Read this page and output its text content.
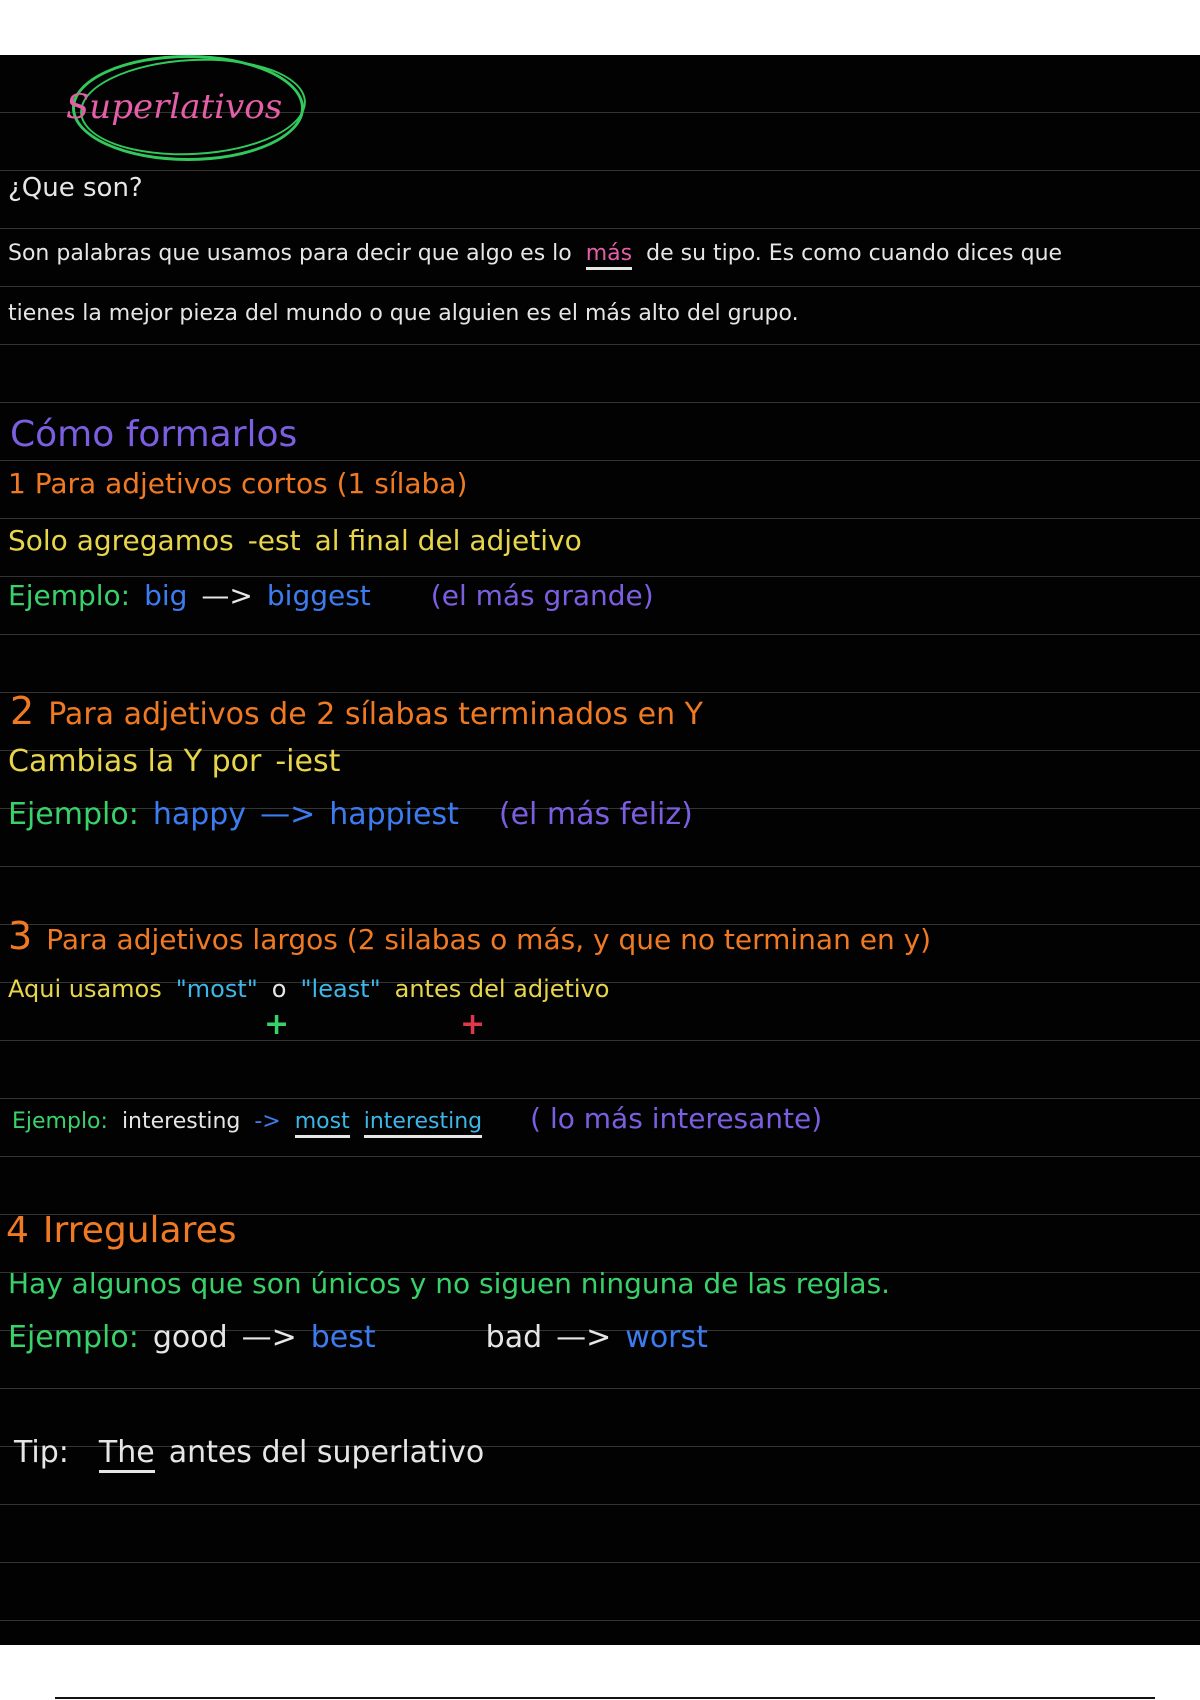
Superlativos
¿Que son?
Son palabras que usamos para decir que algo es lo más de su tipo. Es como cuando dices que
tienes la mejor pieza del mundo o que alguien es el más alto del grupo.
Cómo formarlos
1 Para adjetivos cortos (1 sílaba)
Solo agregamos -est al final del adjetivo
Ejemplo: big —> biggest (el más grande)
2 Para adjetivos de 2 sílabas terminados en Y
Cambias la Y por -iest
Ejemplo: happy —> happiest (el más feliz)
3 Para adjetivos largos (2 silabas o más, y que no terminan en y)
Aqui usamos "most" o "least" antes del adjetivo
+	+
Ejemplo: interesting -> most interesting ( lo más interesante)
4 Irregulares
Hay algunos que son únicos y no siguen ninguna de las reglas.
Ejemplo: good —> best	bad —> worst
Tip: The antes del superlativo
